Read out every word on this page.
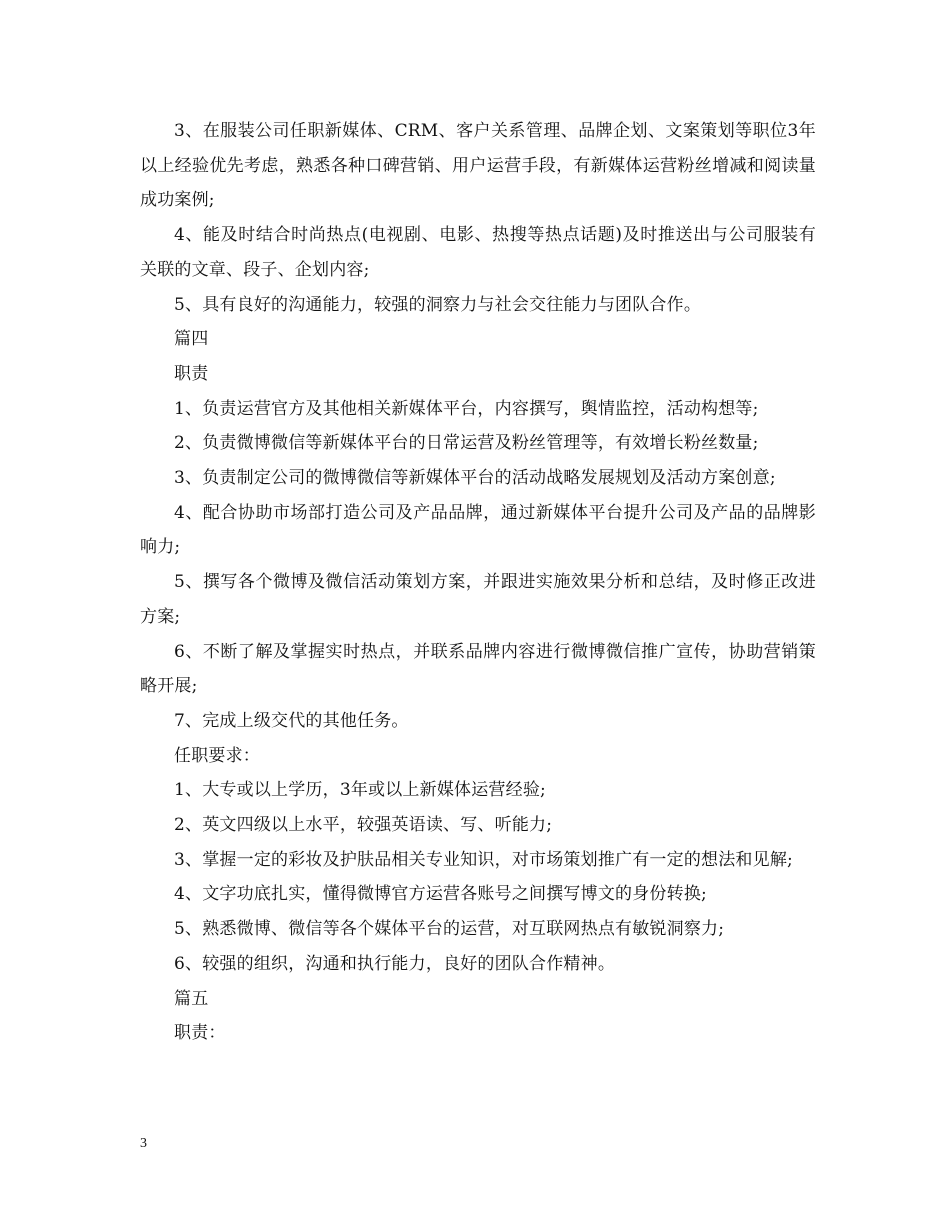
3、在服装公司任职新媒体、CRM、客户关系管理、品牌企划、文案策划等职位3年以上经验优先考虑，熟悉各种口碑营销、用户运营手段，有新媒体运营粉丝增减和阅读量成功案例;

4、能及时结合时尚热点(电视剧、电影、热搜等热点话题)及时推送出与公司服装有关联的文章、段子、企划内容;

5、具有良好的沟通能力，较强的洞察力与社会交往能力与团队合作。

篇四

职责

1、负责运营官方及其他相关新媒体平台，内容撰写，舆情监控，活动构想等;

2、负责微博微信等新媒体平台的日常运营及粉丝管理等，有效增长粉丝数量;

3、负责制定公司的微博微信等新媒体平台的活动战略发展规划及活动方案创意;

4、配合协助市场部打造公司及产品品牌，通过新媒体平台提升公司及产品的品牌影响力;

5、撰写各个微博及微信活动策划方案，并跟进实施效果分析和总结，及时修正改进方案;

6、不断了解及掌握实时热点，并联系品牌内容进行微博微信推广宣传，协助营销策略开展;

7、完成上级交代的其他任务。

任职要求：

1、大专或以上学历，3年或以上新媒体运营经验;

2、英文四级以上水平，较强英语读、写、听能力;

3、掌握一定的彩妆及护肤品相关专业知识，对市场策划推广有一定的想法和见解;

4、文字功底扎实，懂得微博官方运营各账号之间撰写博文的身份转换;

5、熟悉微博、微信等各个媒体平台的运营，对互联网热点有敏锐洞察力;

6、较强的组织，沟通和执行能力，良好的团队合作精神。

篇五

职责：

3
